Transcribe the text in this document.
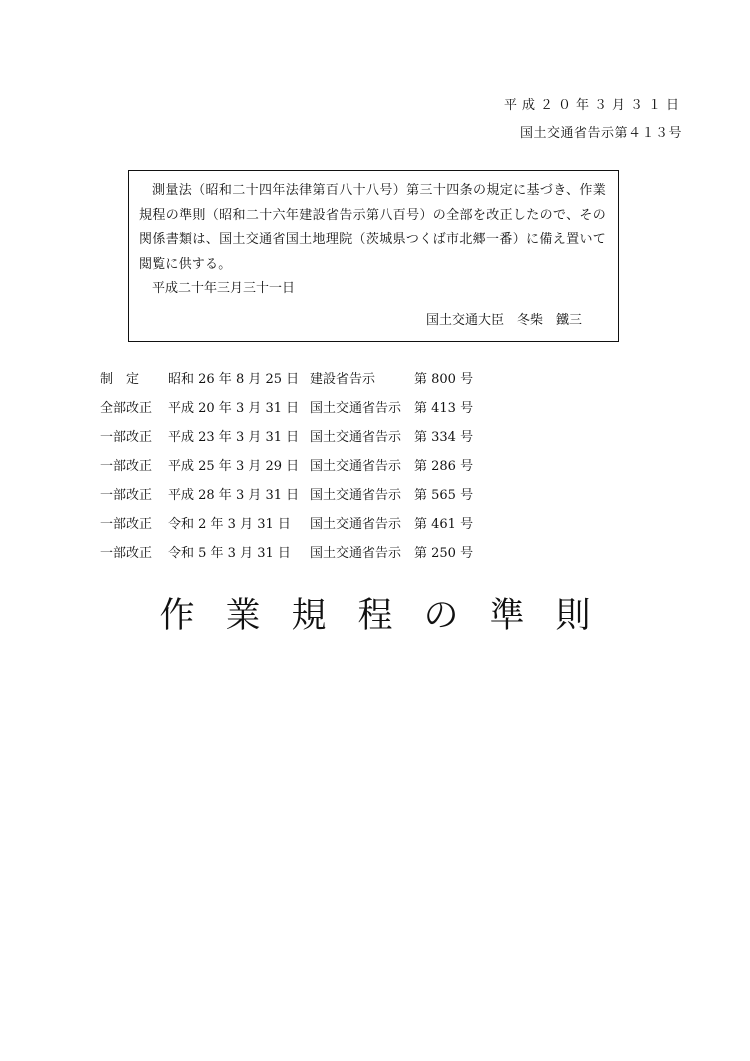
平成２０年３月３１日
国土交通省告示第４１３号

測量法（昭和二十四年法律第百八十八号）第三十四条の規定に基づき、作業規程の準則（昭和二十六年建設省告示第八百号）の全部を改正したので、その関係書類は、国土交通省国土地理院（茨城県つくば市北郷一番）に備え置いて閲覧に供する。

平成二十年三月三十一日

国土交通大臣　冬柴　鐵三
制定	昭和 26 年 8 月 25 日	建設省告示	第 800 号
全部改正	平成 20 年 3 月 31 日	国土交通省告示	第 413 号
一部改正	平成 23 年 3 月 31 日	国土交通省告示	第 334 号
一部改正	平成 25 年 3 月 29 日	国土交通省告示	第 286 号
一部改正	平成 28 年 3 月 31 日	国土交通省告示	第 565 号
一部改正	令和 2 年 3 月 31 日	国土交通省告示	第 461 号
一部改正	令和 5 年 3 月 31 日	国土交通省告示	第 250 号
作業規程の準則
